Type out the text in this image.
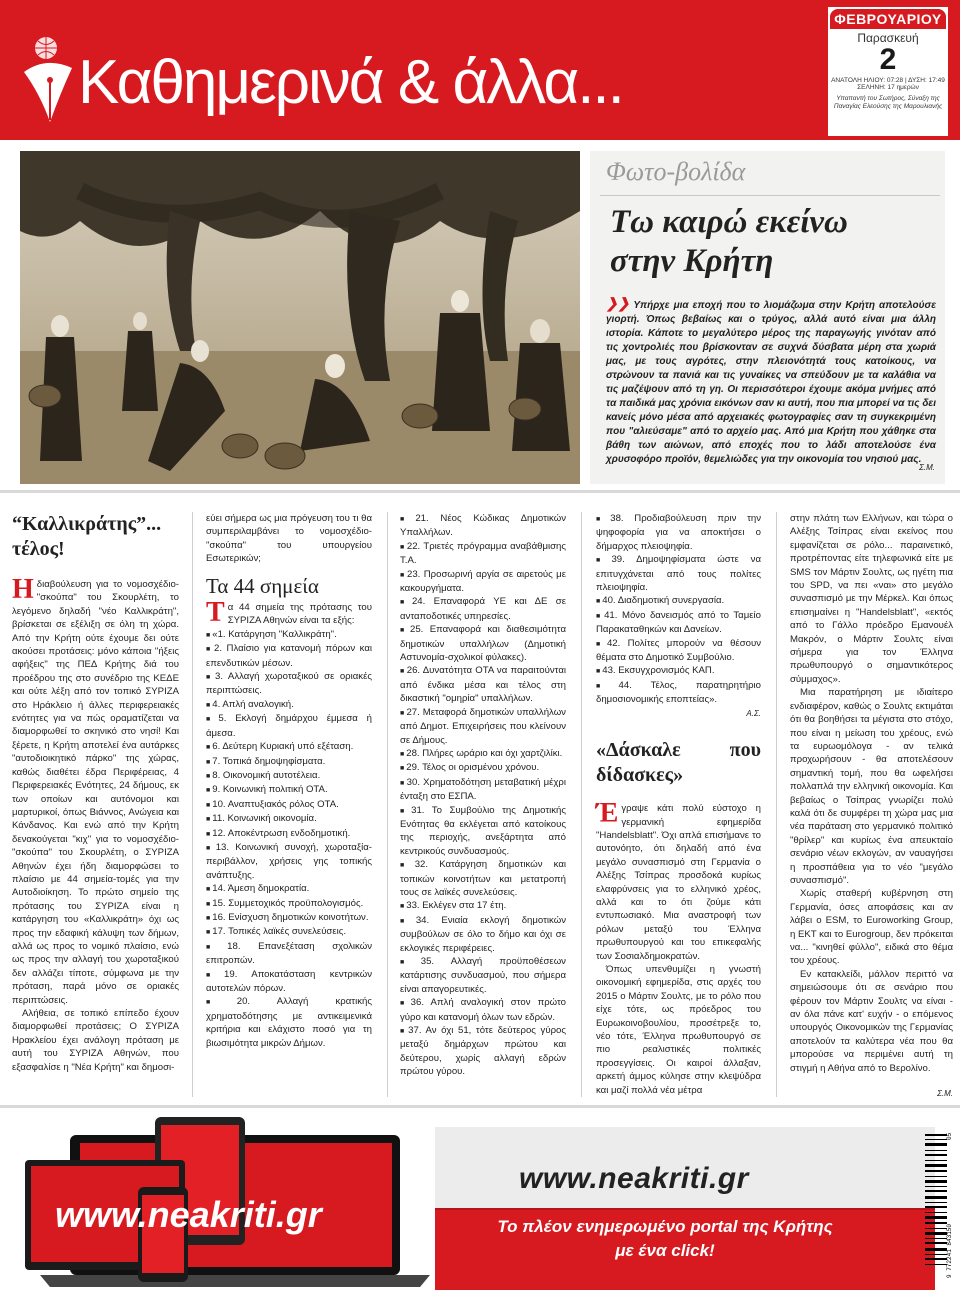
Καθημερινά & άλλα...
ΦΕΒΡΟΥΑΡΙΟΥ
Παρασκευή
2
ΑΝΑΤΟΛΗ ΗΛΙΟΥ: 07:28 | ΔΥΣΗ: 17:49
ΣΕΛΗΝΗ: 17 ημερών
Υπαπαντή του Σωτήρος, Σύναξη της Παναγίας Ελεούσης της Μαρουλιανής
Φωτο-βολίδα
Τω καιρώ εκείνω
στην Κρήτη
❯❯ Υπήρχε μια εποχή που το λιομάζωμα στην Κρήτη αποτελούσε γιορτή. Όπως βεβαίως και ο τρύγος, αλλά αυτό είναι μια άλλη ιστορία. Κάποτε το μεγαλύτερο μέρος της παραγωγής γινόταν από τις χοντρολιές που βρίσκονταν σε συχνά δύσβατα μέρη στα χωριά μας, με τους αγρότες, στην πλειονότητά τους κατοίκους, να στρώνουν τα πανιά και τις γυναίκες να σπεύδουν με τα καλάθια να τις μαζέψουν από τη γη. Οι περισσότεροι έχουμε ακόμα μνήμες από τα παιδικά μας χρόνια εικόνων σαν κι αυτή, που πια μπορεί να τις δει κανείς μόνο μέσα από αρχειακές φωτογραφίες σαν τη συγκεκριμένη που "αλιεύσαμε" από το αρχείο μας. Από μια Κρήτη που χάθηκε στα βάθη των αιώνων, από εποχές που το λάδι αποτελούσε ένα χρυσοφόρο προϊόν, θεμελιώδες για την οικονομία του νησιού μας.
Σ.Μ.
“Καλλικράτης”... τέλος!

Ηδιαβούλευση για το νομοσχέδιο-"σκούπα" του Σκουρλέτη, το λεγόμενο δηλαδή "νέο Καλλικράτη", βρίσκεται σε εξέλιξη σε όλη τη χώρα. Από την Κρήτη ούτε έχουμε δει ούτε ακούσει προτάσεις: μόνο κάποια "ήξεις αφήξεις" της ΠΕΔ Κρήτης διά του προέδρου της στο συνέδριο της ΚΕΔΕ και ούτε λέξη από τον τοπικό ΣΥΡΙΖΑ στο Ηράκλειο ή άλλες περιφερειακές ενότητες για να πώς οραματίζεται να διαμορφωθεί το σκηνικό στο νησί! Και ξέρετε, η Κρήτη αποτελεί ένα αυτάρκες "αυτοδιοικητικό πάρκο" της χώρας, καθώς διαθέτει έδρα Περιφέρειας, 4 Περιφερειακές Ενότητες, 24 δήμους, εκ των οποίων και αυτόνομοι και μαρτυρικοί, όπως Βιάννος, Ανώγεια και Κάνδανος. Και ενώ από την Κρήτη δενακούγεται "κιχ" για το νομοσχέδιο-"σκούπα" του Σκουρλέτη, ο ΣΥΡΙΖΑ Αθηνών έχει ήδη διαμορφώσει το πλαίσιο με 44 σημεία-τομές για την Αυτοδιοίκηση. Το πρώτο σημείο της πρότασης του ΣΥΡΙΖΑ είναι η κατάργηση του «Καλλικράτη» όχι ως προς την εδαφική κάλυψη των δήμων, αλλά ως προς το νομικό πλαίσιο, ενώ ως προς την αλλαγή του χωροταξικού δεν αλλάζει τίποτε, σύμφωνα με την πρόταση, παρά μόνο σε οριακές περιπτώσεις.

Αλήθεια, σε τοπικό επίπεδο έχουν διαμορφωθεί προτάσεις; Ο ΣΥΡΙΖΑ Ηρακλείου έχει ανάλογη πρόταση με αυτή του ΣΥΡΙΖΑ Αθηνών, που εξασφαλίσε η "Νέα Κρήτη" και δημοσι-

εύει σήμερα ως μια πρόγευση του τι θα συμπεριλαμβάνει το νομοσχέδιο-"σκούπα" του υπουργείου Εσωτερικών;

Τα 44 σημεία

Τα 44 σημεία της πρότασης του ΣΥΡΙΖΑ Αθηνών είναι τα εξής:

■ «1. Κατάργηση "Καλλικράτη".

■ 2. Πλαίσιο για κατανομή πόρων και επενδυτικών μέσων.

■ 3. Αλλαγή χωροταξικού σε οριακές περιπτώσεις.

■ 4. Απλή αναλογική.

■ 5. Εκλογή δημάρχου έμμεσα ή άμεσα.

■ 6. Δεύτερη Κυριακή υπό εξέταση.

■ 7. Τοπικά δημοψηφίσματα.

■ 8. Οικονομική αυτοτέλεια.

■ 9. Κοινωνική πολιτική ΟΤΑ.

■ 10. Αναπτυξιακός ρόλος ΟΤΑ.

■ 11. Κοινωνική οικονομία.

■ 12. Αποκέντρωση ενδοδημοτική.

■ 13. Κοινωνική συνοχή, χωροταξία-περιβάλλον, χρήσεις γης τοπικής ανάπτυξης.

■ 14. Άμεση δημοκρατία.

■ 15. Συμμετοχικός προϋπολογισμός.

■ 16. Ενίσχυση δημοτικών κοινοτήτων.

■ 17. Τοπικές λαϊκές συνελεύσεις.

■ 18. Επανεξέταση σχολικών επιτροπών.

■ 19. Αποκατάσταση κεντρικών αυτοτελών πόρων.

■ 20. Αλλαγή κρατικής χρηματοδότησης με αντικειμενικά κριτήρια και ελάχιστο ποσό για τη βιωσιμότητα μικρών Δήμων.

■ 21. Νέος Κώδικας Δημοτικών Υπαλλήλων.

■ 22. Τριετές πρόγραμμα αναβάθμισης Τ.Α.

■ 23. Προσωρινή αργία σε αιρετούς με κακουργήματα.

■ 24. Επαναφορά ΥΕ και ΔΕ σε ανταποδοτικές υπηρεσίες.

■ 25. Επαναφορά και διαθεσιμότητα δημοτικών υπαλλήλων (Δημοτική Αστυνομία-σχολικοί φύλακες).

■ 26. Δυνατότητα ΟΤΑ να παραιτούνται από ένδικα μέσα και τέλος στη δικαστική "ομηρία" υπαλλήλων.

■ 27. Μεταφορά δημοτικών υπαλλήλων από Δημοτ. Επιχειρήσεις που κλείνουν σε Δήμους.

■ 28. Πλήρες ωράριο και όχι χαρτζιλίκι.

■ 29. Τέλος οι ορισμένου χρόνου.

■ 30. Χρηματοδότηση μεταβατική μέχρι ένταξη στο ΕΣΠΑ.

■ 31. Το Συμβούλιο της Δημοτικής Ενότητας θα εκλέγεται από κατοίκους της περιοχής, ανεξάρτητα από κεντρικούς συνδυασμούς.

■ 32. Κατάργηση δημοτικών και τοπικών κοινοτήτων και μετατροπή τους σε λαϊκές συνελεύσεις.

■ 33. Εκλέγεν στα 17 έτη.

■ 34. Ενιαία εκλογή δημοτικών συμβούλων σε όλο το δήμο και όχι σε εκλογικές περιφέρειες.

■ 35. Αλλαγή προϋποθέσεων κατάρτισης συνδυασμού, που σήμερα είναι απαγορευτικές.

■ 36. Απλή αναλογική στον πρώτο γύρο και κατανομή όλων των εδρών.

■ 37. Αν όχι 51, τότε δεύτερος γύρος μεταξύ δημάρχων πρώτου και δεύτερου, χωρίς αλλαγή εδρών πρώτου γύρου.

■ 38. Προδιαβούλευση πριν την ψηφοφορία για να αποκτήσει ο δήμαρχος πλειοψηφία.

■ 39. Δημοψηφίσματα ώστε να επιτυγχάνεται από τους πολίτες πλειοψηφία.

■ 40. Διαδημοτική συνεργασία.

■ 41. Μόνο δανεισμός από το Ταμείο Παρακαταθηκών και Δανείων.

■ 42. Πολίτες μπορούν να θέσουν θέματα στο Δημοτικό Συμβούλιο.

■ 43. Εκσυγχρονισμός ΚΑΠ.

■ 44. Τέλος, παρατηρητήριο δημοσιονομικής εποπτείας».

Α.Σ.
«Δάσκαλε που δίδασκες»

Έγραψε κάτι πολύ εύστοχο η γερμανική εφημερίδα "Handelsblatt". Όχι απλά επισήμανε το αυτονόητο, ότι δηλαδή από ένα μεγάλο συνασπισμό στη Γερμανία ο Αλέξης Τσίπρας προσδοκά κυρίως ελαφρύνσεις για το ελληνικό χρέος, αλλά και το ότι ζούμε κάτι εντυπωσιακό. Μια αναστροφή των ρόλων μεταξύ του Έλληνα πρωθυπουργού και του επικεφαλής των Σοσιαλδημοκρατών.

Όπως υπενθυμίζει η γνωστή οικονομική εφημερίδα, στις αρχές του 2015 ο Μάρτιν Σουλτς, με το ρόλο που είχε τότε, ως πρόεδρος του Ευρωκοινοβουλίου, προσέτρεξε το, νέο τότε, Έλληνα πρωθυπουργό σε πιο ρεαλιστικές πολιτικές προσεγγίσεις. Οι καιροί άλλαξαν, αρκετή άμμος κύλησε στην κλεψύδρα και μαζί πολλά νέα μέτρα

στην πλάτη των Ελλήνων, και τώρα ο Αλέξης Τσίπρας είναι εκείνος που εμφανίζεται σε ρόλο... παραινετικό, προτρέποντας είτε τηλεφωνικά είτε με SMS τον Μάρτιν Σουλτς, ως ηγέτη πια του SPD, να πει «ναι» στο μεγάλο συνασπισμό με την Μέρκελ. Και όπως επισημαίνει η "Handelsblatt", «εκτός από το Γάλλο πρόεδρο Εμανουέλ Μακρόν, ο Μάρτιν Σουλτς είναι σήμερα για τον Έλληνα πρωθυπουργό ο σημαντικότερος σύμμαχος».

Μια παρατήρηση με ιδιαίτερο ενδιαφέρον, καθώς ο Σουλτς εκτιμάται ότι θα βοηθήσει τα μέγιστα στο στόχο, που είναι η μείωση του χρέους, ενώ τα ευρωομόλογα - αν τελικά προχωρήσουν - θα αποτελέσουν σημαντική τομή, που θα ωφελήσει πολλαπλά την ελληνική οικονομία. Και βεβαίως ο Τσίπρας γνωρίζει πολύ καλά ότι δε συμφέρει τη χώρα μας μια νέα παράταση στο γερμανικό πολιτικό "θρίλερ" και κυρίως ένα απευκταίο σενάριο νέων εκλογών, αν ναυαγήσει η προσπάθεια για το νέο "μεγάλο συνασπισμό".

Χωρίς σταθερή κυβέρνηση στη Γερμανία, όσες αποφάσεις και αν λάβει ο ESM, το Euroworking Group, η ΕΚΤ και το Eurogroup, δεν πρόκειται να... "κινηθεί φύλλο", ειδικά στο θέμα του χρέους.

Εν κατακλείδι, μάλλον περιττό να σημειώσουμε ότι σε σενάριο που φέρουν τον Μάρτιν Σουλτς να είναι - αν όλα πάνε κατ' ευχήν - ο επόμενος υπουργός Οικονομικών της Γερμανίας αποτελούν τα καλύτερα νέα που θα μπορούσε να περιμένει αυτή τη στιγμή η Αθήνα από το Βερολίνο.

Σ.Μ.
www.neakriti.gr
www.neakriti.gr
Το πλέον ενημερωμένο portal της Κρήτης
με ένα click!	9 772241 843150
05
